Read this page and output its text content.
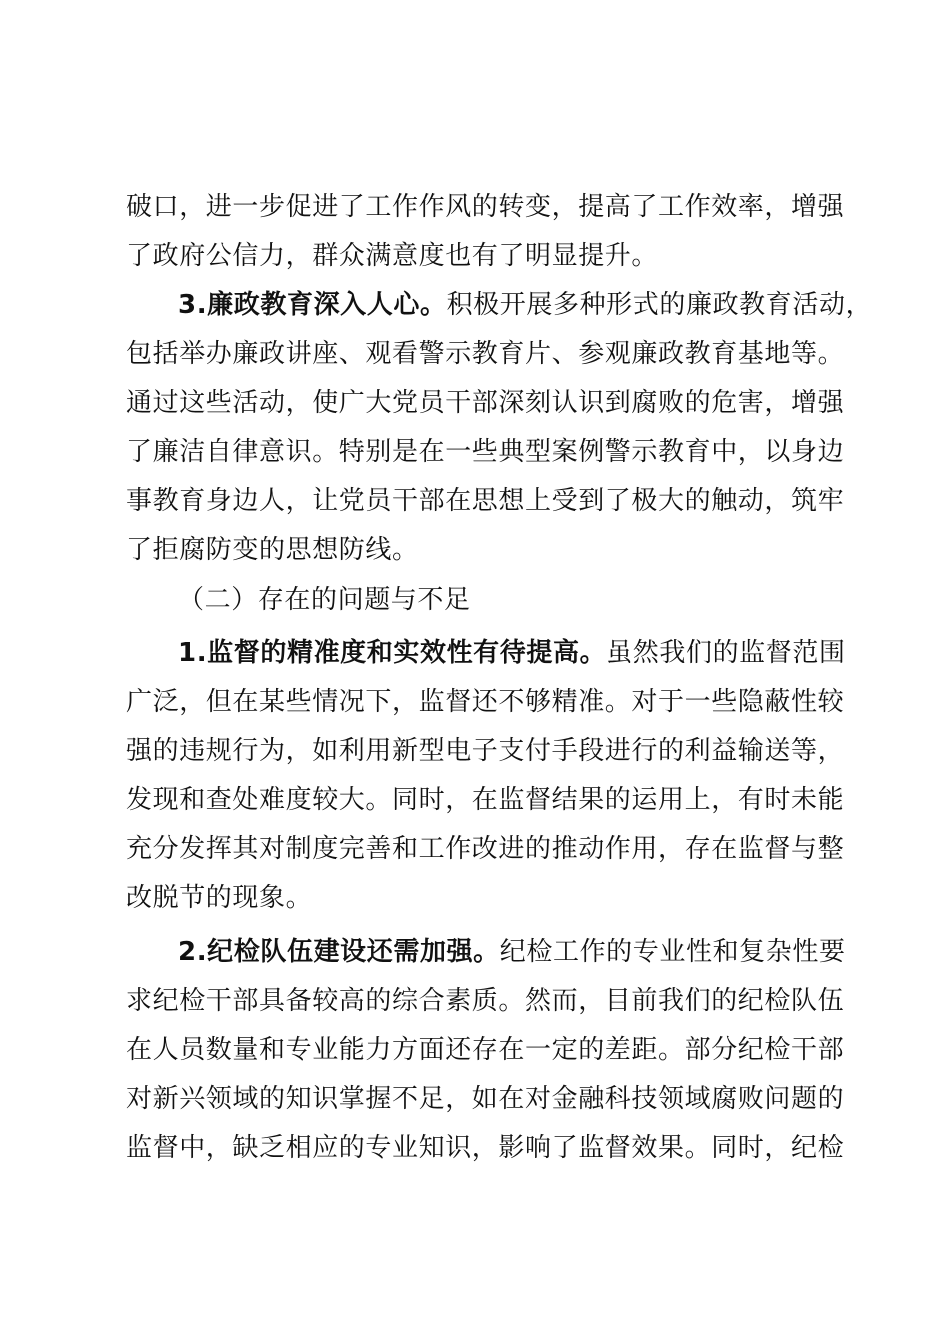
破口，进一步促进了工作作风的转变，提高了工作效率，增强
了政府公信力，群众满意度也有了明显提升。
3.廉政教育深入人心。积极开展多种形式的廉政教育活动，
包括举办廉政讲座、观看警示教育片、参观廉政教育基地等。
通过这些活动，使广大党员干部深刻认识到腐败的危害，增强
了廉洁自律意识。特别是在一些典型案例警示教育中，以身边
事教育身边人，让党员干部在思想上受到了极大的触动，筑牢
了拒腐防变的思想防线。
（二）存在的问题与不足
1.监督的精准度和实效性有待提高。虽然我们的监督范围
广泛，但在某些情况下，监督还不够精准。对于一些隐蔽性较
强的违规行为，如利用新型电子支付手段进行的利益输送等，
发现和查处难度较大。同时，在监督结果的运用上，有时未能
充分发挥其对制度完善和工作改进的推动作用，存在监督与整
改脱节的现象。
2.纪检队伍建设还需加强。纪检工作的专业性和复杂性要
求纪检干部具备较高的综合素质。然而，目前我们的纪检队伍
在人员数量和专业能力方面还存在一定的差距。部分纪检干部
对新兴领域的知识掌握不足，如在对金融科技领域腐败问题的
监督中，缺乏相应的专业知识，影响了监督效果。同时，纪检
